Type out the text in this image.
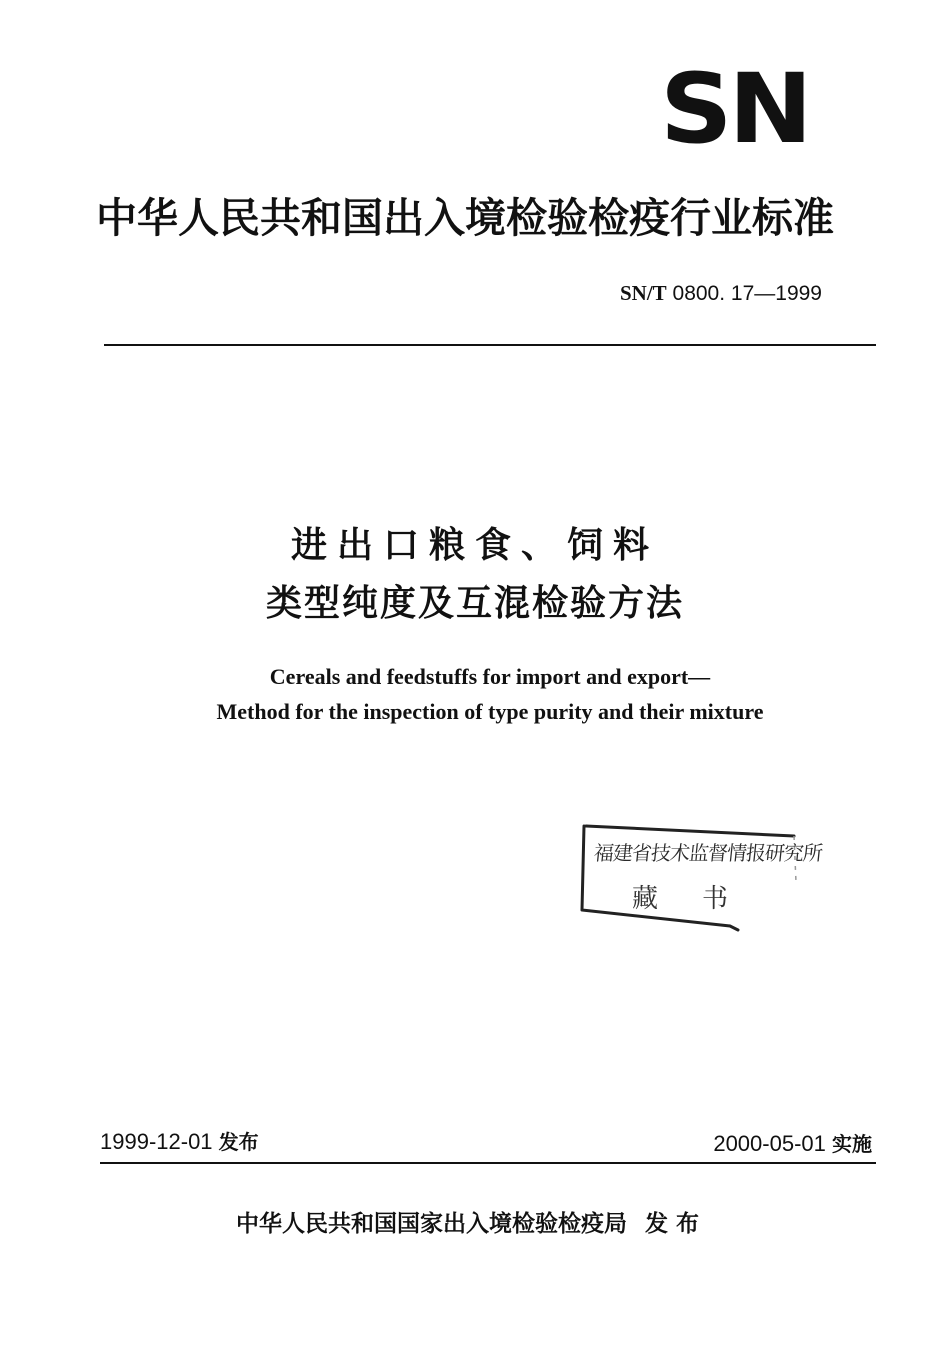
SN
中华人民共和国出入境检验检疫行业标准
SN/T 0800. 17—1999
进出口粮食、饲料
类型纯度及互混检验方法
Cereals and feedstuffs for import and export—
Method for the inspection of type purity and their mixture
福建省技术监督情报研究所
藏书
1999-12-01 发布	2000-05-01 实施
中华人民共和国国家出入境检验检疫局 发布
